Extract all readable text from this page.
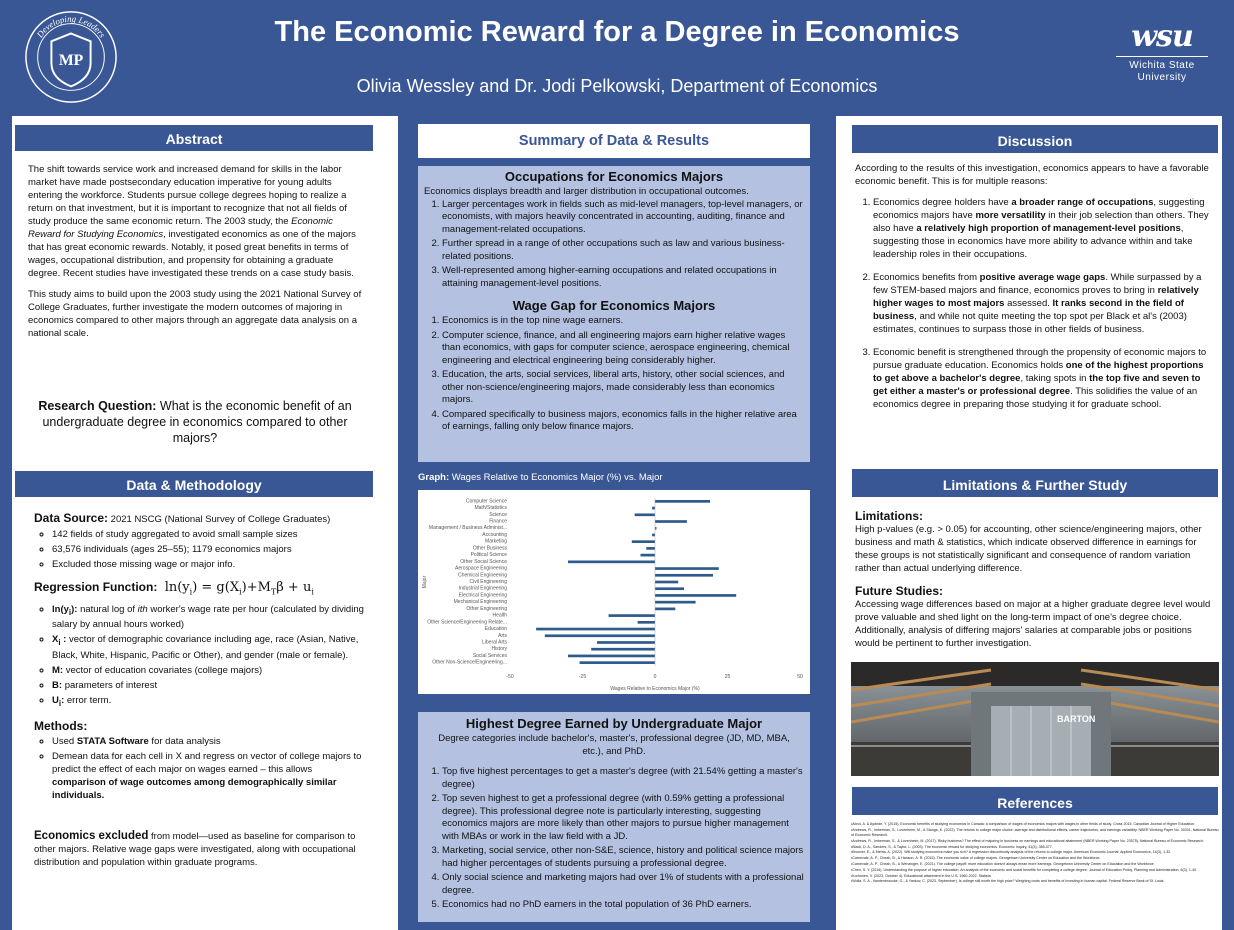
MP
Developing Leaders	The Economic Reward for a Degree in Economics
Olivia Wessley and Dr. Jodi Pelkowski, Department of Economics
wsu
Wichita State
University
Abstract

The shift towards service work and increased demand for skills in the labor market have made postsecondary education imperative for young adults entering the workforce. Students pursue college degrees hoping to realize a return on that investment, but it is important to recognize that not all fields of study produce the same economic return. The 2003 study, the Economic Reward for Studying Economics, investigated economics as one of the majors that has great economic rewards. Notably, it posed great benefits in terms of wages, occupational distribution, and propensity for obtaining a graduate degree. Recent studies have investigated these trends on a case study basis.

This study aims to build upon the 2003 study using the 2021 National Survey of College Graduates, further investigate the modern outcomes of majoring in economics compared to other majors through an aggregate data analysis on a national scale.

Research Question: What is the economic benefit of an undergraduate degree in economics compared to other majors?
Data & Methodology
Data Source: 2021 NSCG (National Survey of College Graduates)
◦ 142 fields of study aggregated to avoid small sample sizes
◦ 63,576 individuals (ages 25–55); 1179 economics majors
◦ Excluded those missing wage or major info.
Regression Function: $\ln(y_i) = g(X_i)+M_T\beta + u_i$
◦ $\ln(y_i)$: natural log of ith worker's wage rate per hour (calculated by dividing salary by annual hours worked)
◦ $X_i$ : vector of demographic covariance including age, race (Asian, Native, Black, White, Hispanic, Pacific or Other), and gender (male or female).
◦ M: vector of education covariates (college majors)
◦ B: parameters of interest
◦ $U_i$: error term.
Methods:
◦ Used STATA Software for data analysis
◦ Demean data for each cell in X and regress on vector of college majors to predict the effect of each major on wages earned – this allows comparison of wage outcomes among demographically similar individuals.
Economics excluded from model—used as baseline for comparison to other majors. Relative wage gaps were investigated, along with occupational distribution and population within graduate programs.
Summary of Data & Results
Occupations for Economics Majors
Economics displays breadth and larger distribution in occupational outcomes.
1. Larger percentages work in fields such as mid-level managers, top-level managers, or economists, with majors heavily concentrated in accounting, auditing, finance and management-related occupations.
2. Further spread in a range of other occupations such as law and various business-related positions.
3. Well-represented among higher-earning occupations and related occupations in attaining management-level positions.
Wage Gap for Economics Majors
1. Economics is in the top nine wage earners.
2. Computer science, finance, and all engineering majors earn higher relative wages than economics, with gaps for computer science, aerospace engineering, chemical engineering and electrical engineering being considerably higher.
3. Education, the arts, social services, liberal arts, history, other social sciences, and other non-science/engineering majors, made considerably less than economics majors.
4. Compared specifically to business majors, economics falls in the higher relative area of earnings, falling only below finance majors.
Graph: Wages Relative to Economics Major (%) vs. Major
Computer Science
Math/Statistics
Science
Finance
Management / Business Administ...
Accounting
Marketing
Other Business
Political Science
Other Social Science
Aerospace Engineering
Chemical Engineering
Civil Engineering
Industrial Engineering
Electrical Engineering
Mechanical Engineering
Other Engineering
Health
Other Science/Engineering Relate...
Education
Arts
Liberal Arts
History
Social Services
Other Non-Science/Engineering...
-50	-25	0	25	50
Wages Relative to Economics Major (%)
Major
Highest Degree Earned by Undergraduate Major
Degree categories include bachelor's, master's, professional degree (JD, MD, MBA, etc.), and PhD.
1. Top five highest percentages to get a master's degree (with 21.54% getting a master's degree)
2. Top seven highest to get a professional degree (with 0.59% getting a professional degree). This professional degree note is particularly interesting, suggesting economics majors are more likely than other majors to pursue higher management with MBAs or work in the law field with a JD.
3. Marketing, social service, other non-S&E, science, history and political science majors had higher percentages of students pursuing a professional degree.
4. Only social science and marketing majors had over 1% of students with a professional degree.
5. Economics had no PhD earners in the total population of 36 PhD earners.
Discussion

According to the results of this investigation, economics appears to have a favorable economic benefit. This is for multiple reasons:

1. Economics degree holders have a broader range of occupations, suggesting economics majors have more versatility in their job selection than others. They also have a relatively high proportion of management-level positions, suggesting those in economics have more ability to advance within and take leadership roles in their occupations.
2. Economics benefits from positive average wage gaps. While surpassed by a few STEM-based majors and finance, economics proves to bring in relatively higher wages to most majors assessed. It ranks second in the field of business, and while not quite meeting the top spot per Black et al's (2003) estimates, continues to surpass those in other fields of business.
3. Economic benefit is strengthened through the propensity of economic majors to pursue graduate education. Economics holds one of the highest proportions to get above a bachelor's degree, taking spots in the top five and seven to get either a master's or professional degree. This solidifies the value of an economics degree in preparing those studying it for graduate school.
Limitations & Further Study
Limitations:
High p-values (e.g. > 0.05) for accounting, other science/engineering majors, other business and math & statistics, which indicate observed difference in earnings for these groups is not statistically significant and consequence of random variation rather than actual underlying difference.
Future Studies:
Accessing wage differences based on major at a higher graduate degree level would prove valuable and shed light on the long-term impact of one's degree choice. Additionally, analysis of differing majors' salaries at comparable jobs or positions would be pertinent to further investigation.
BARTON
References
•Abrol, A. & Aydede, Y. (2015). Economic benefits of studying economics in Canada: a comparison of wages of economics majors with wages in other fields of study. Cross 2015. Canadian Journal of Higher Education.
•Andrews, R., Imberman, S., Lovenheim, M., & Stange, K. (2022). The returns to college major choice: average and distributional effects, career trajectories, and earnings variability. NBER Working Paper No. 30331, National Bureau of Economic Research.
•Andrews, R., Imberman, S., & Lovenheim, M. (2017). Risky business? The effect of majoring in business on earnings and educational attainment (NBER Working Paper No. 23575). National Bureau of Economic Research.
•Black, D. A., Sanders, S., & Taylor, L. (2003). The economic reward for studying economics. Economic Inquiry, 41(3), 365-377.
•Brunner, E., & Mehta, A. (2022). Will studying economics make you rich? A regression discontinuity analysis of the returns to college major. American Economic Journal: Applied Economics, 14(3), 1-32.
•Carnevale, A. P., Cheah, B., & Hanson, A. R. (2015). The economic value of college majors. Georgetown University Center on Education and the Workforce.
•Carnevale, A. P., Cheah, B., & Wenzinger, E. (2021). The college payoff: more education doesn't always mean more earnings. Georgetown University Center on Education and the Workforce.
•Chen, S. Y. (2016). Understanding the purpose of higher education: An analysis of the economic and social benefits for completing a college degree. Journal of Education Policy, Planning and Administration, 6(3), 1-40.
•Korhonen, V. (2023, October 4). Educational attainment in the U.S. 1960-2022. Statista.
•Wolla, S. A., Vandenbroucke, G., & Yankov, C. (2023, September). Is college still worth the high price? Weighing costs and benefits of investing in human capital. Federal Reserve Bank of St. Louis.
